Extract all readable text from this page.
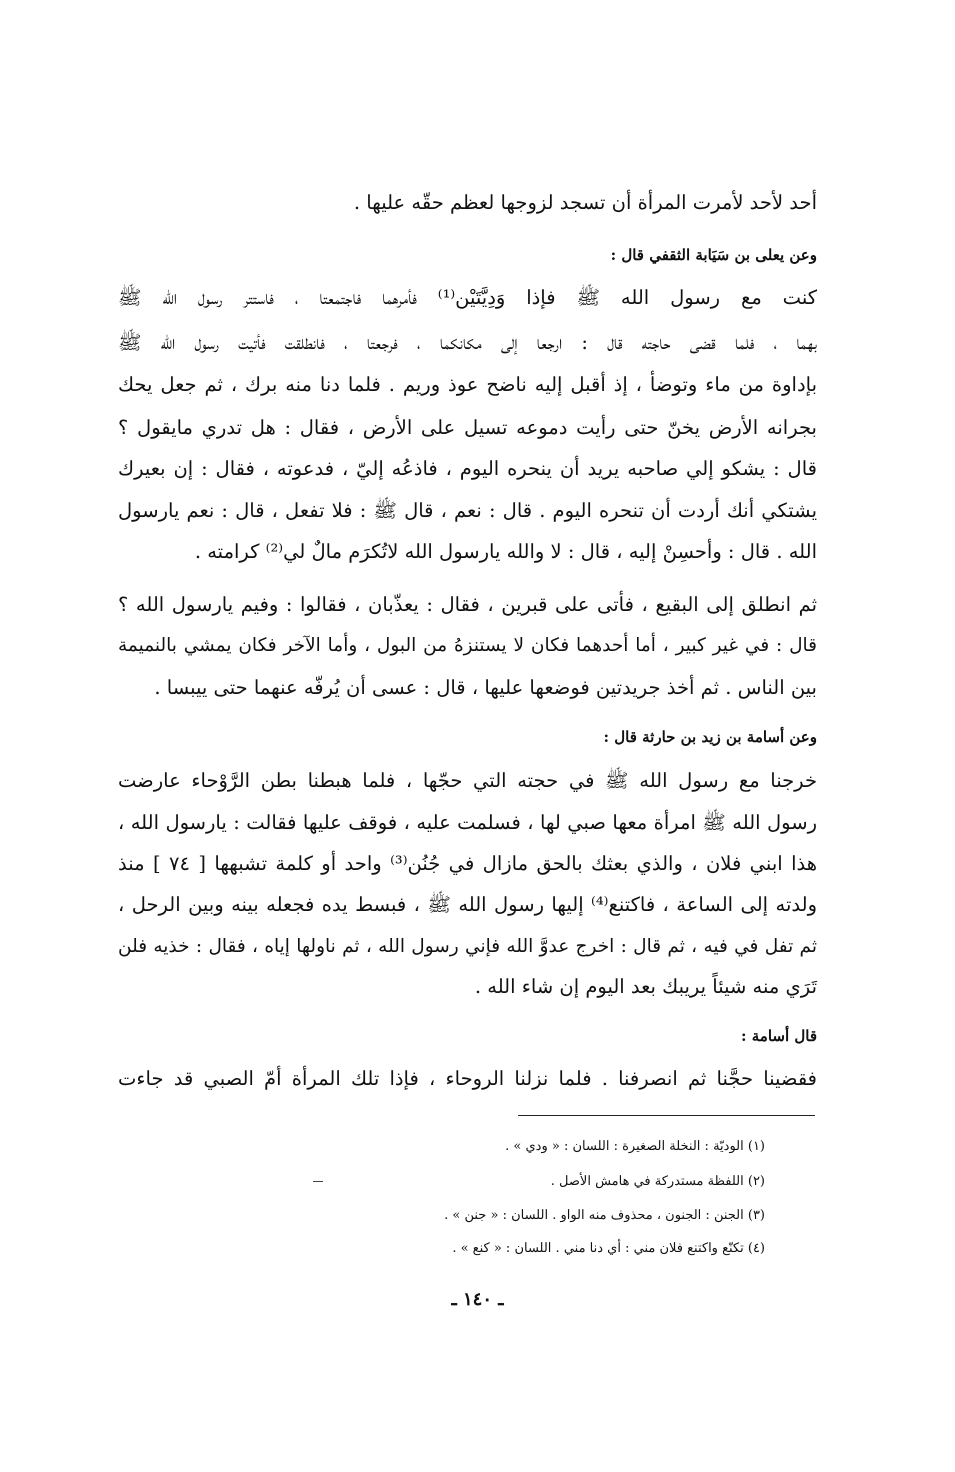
أحد لأحد لأمرت المرأة أن تسجد لزوجها لعظم حقّه عليها .

وعن يعلى بن سَيَابة الثقفي قال :

كنت مع رسول الله ﷺ فإذا وَدِيَّتَيْن⁽¹⁾ فأمرهما فاجتمعتا ، فاستتر رسول الله ﷺ

بهما ، فلما قضى حاجته قال : ارجعا إلى مكانكما ، فرجعتا ، فانطلقت فأتيت رسول الله ﷺ

بإداوة من ماء وتوضأ ، إذ أقبل إليه ناضح عوذ وريم . فلما دنا منه برك ، ثم جعل يحك

بجرانه الأرض يخنّ حتى رأيت دموعه تسيل على الأرض ، فقال : هل تدري مايقول ؟

قال : يشكو إلي صاحبه يريد أن ينحره اليوم ، فاذعُه إليّ ، فدعوته ، فقال : إن بعيرك

يشتكي أنك أردت أن تنحره اليوم . قال : نعم ، قال ﷺ : فلا تفعل ، قال : نعم يارسول

الله . قال : وأحسِنْ إليه ، قال : لا والله يارسول الله لاتُكرَم مالٌ لي⁽²⁾ كرامته .

ثم انطلق إلى البقيع ، فأتى على قبرين ، فقال : يعذّبان ، فقالوا : وفيم يارسول الله ؟

قال : في غير كبير ، أما أحدهما فكان لا يستنزهُ من البول ، وأما الآخر فكان يمشي بالنميمة

بين الناس . ثم أخذ جريدتين فوضعها عليها ، قال : عسى أن يُرفّه عنهما حتى ييبسا .

وعن أسامة بن زيد بن حارثة قال :

خرجنا مع رسول الله ﷺ في حجته التي حجّها ، فلما هبطنا بطن الرَّوْحاء عارضت

رسول الله ﷺ امرأة معها صبي لها ، فسلمت عليه ، فوقف عليها فقالت : يارسول الله ،

هذا ابني فلان ، والذي بعثك بالحق مازال في جُنُن⁽³⁾ واحد أو كلمة تشبهها [ ٧٤ ] منذ

ولدته إلى الساعة ، فاكتنع⁽⁴⁾ إليها رسول الله ﷺ ، فبسط يده فجعله بينه وبين الرحل ،

ثم تفل في فيه ، ثم قال : اخرج عدوَّ الله فإني رسول الله ، ثم ناولها إياه ، فقال : خذيه فلن

تَرَي منه شيئاً يريبك بعد اليوم إن شاء الله .

قال أسامة :

فقضينا حجَّنا ثم انصرفنا . فلما نزلنا الروحاء ، فإذا تلك المرأة أمّ الصبي قد جاءت

(١) الوديّة : النخلة الصغيرة : اللسان : « ودي » .

(٢) اللفظة مستدركة في هامش الأصل .

(٣) الجنن : الجنون ، محذوف منه الواو . اللسان : « جنن » .

(٤) تكنّع واكتنع فلان مني : أي دنا مني . اللسان : « كنع » .

ـ ١٤٠ ـ
